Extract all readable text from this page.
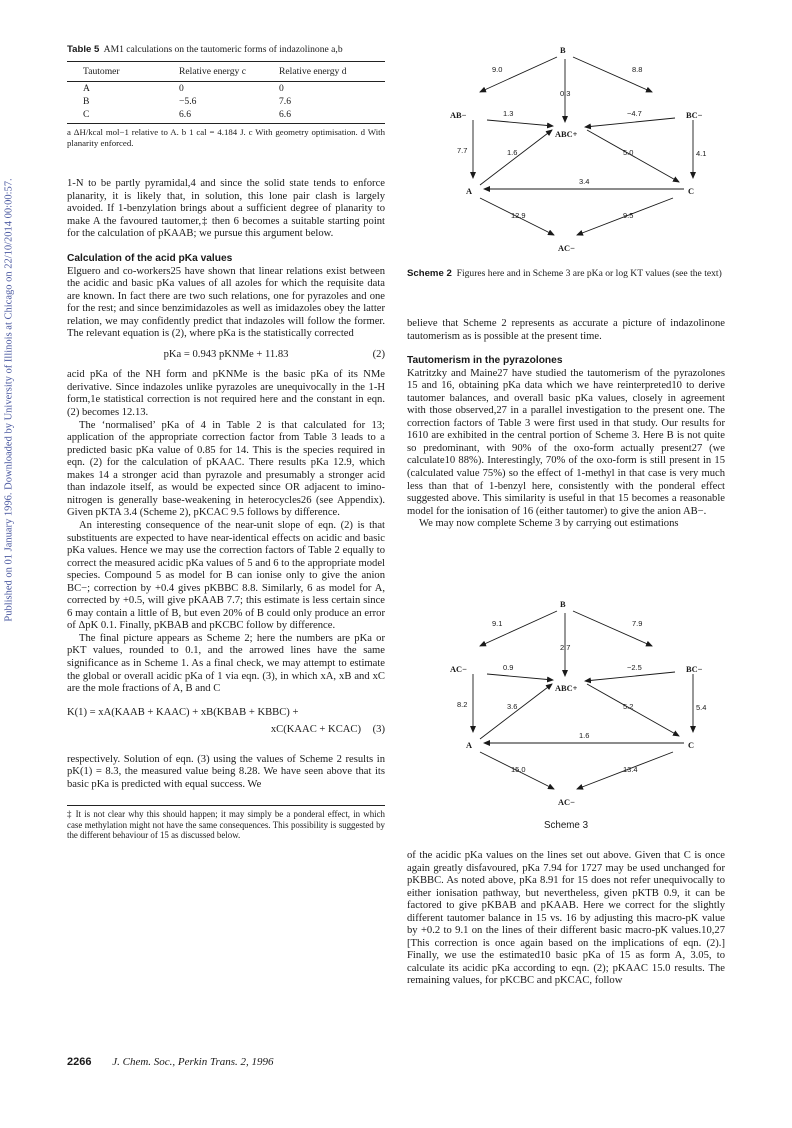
Published on 01 January 1996. Downloaded by University of Illinois at Chicago on 22/10/2014 00:00:57.
Table 5 AM1 calculations on the tautomeric forms of indazolinone a,b
Tautomer	Relative energy c	Relative energy d
A	0	0
B	−5.6	7.6
C	6.6	6.6
a ΔH/kcal mol−1 relative to A. b 1 cal = 4.184 J. c With geometry optimisation. d With planarity enforced.

1-N to be partly pyramidal,4 and since the solid state tends to enforce planarity, it is likely that, in solution, this lone pair clash is largely avoided. If 1-benzylation brings about a sufficient degree of planarity to make A the favoured tautomer,‡ then 6 becomes a suitable starting point for the calculation of pKAAB; we pursue this argument below.

Calculation of the acid pKa values

Elguero and co-workers25 have shown that linear relations exist between the acidic and basic pKa values of all azoles for which the requisite data are known. In fact there are two such relations, one for pyrazoles and one for the rest; and since benzimidazoles as well as imidazoles obey the latter relation, we may confidently predict that indazoles will follow the former. The relevant equation is (2), where pKa is the statistically corrected

pKa = 0.943 pKNMe + 11.83	(2)

acid pKa of the NH form and pKNMe is the basic pKa of its NMe derivative. Since indazoles unlike pyrazoles are unequivocally in the 1-H form,1e statistical correction is not required here and the constant in eqn. (2) becomes 12.13.

The ‘normalised’ pKa of 4 in Table 2 is that calculated for 13; application of the appropriate correction factor from Table 3 leads to a predicted basic pKa value of 0.85 for 14. This is the species required in eqn. (2) for the calculation of pKAAC. There results pKa 12.9, which makes 14 a stronger acid than pyrazole and presumably a stronger acid than indazole itself, as would be expected since OR adjacent to imino-nitrogen is generally base-weakening in heterocycles26 (see Appendix). Given pKTA 3.4 (Scheme 2), pKCAC 9.5 follows by difference.

An interesting consequence of the near-unit slope of eqn. (2) is that substituents are expected to have near-identical effects on acidic and basic pKa values. Hence we may use the correction factors of Table 2 equally to correct the measured acidic pKa values of 5 and 6 to the appropriate model species. Compound 5 as model for B can ionise only to give the anion BC−; correction by +0.4 gives pKBBC 8.8. Similarly, 6 as model for A, corrected by +0.5, will give pKAAB 7.7; this estimate is less certain since 6 may contain a little of B, but even 20% of B could only produce an error of ΔpK 0.1. Finally, pKBAB and pKCBC follow by difference.

The final picture appears as Scheme 2; here the numbers are pKa or pKT values, rounded to 0.1, and the arrowed lines have the same significance as in Scheme 1. As a final check, we may attempt to estimate the global or overall acidic pKa of 1 via eqn. (3), in which xA, xB and xC are the mole fractions of A, B and C

K(1) = xA(KAAB + KAAC) + xB(KBAB + KBBC) +
xC(KAAC + KCAC) (3)

respectively. Solution of eqn. (3) using the values of Scheme 2 results in pK(1) = 8.3, the measured value being 8.28. We have seen above that its basic pKa is predicted with equal success. We

‡ It is not clear why this should happen; it may simply be a ponderal effect, in which case methylation might not have the same consequences. This possibility is suggested by the different behaviour of 15 as discussed below.

B
AB−	BC−
ABC+
A	C
AC−
9.0	8.8
0.3
1.3	−4.7
7.7	4.1
1.6	5.0
3.4
12.9	9.5
Scheme 2 Figures here and in Scheme 3 are pKa or log KT values (see the text)

believe that Scheme 2 represents as accurate a picture of indazolinone tautomerism as is possible at the present time.

Tautomerism in the pyrazolones

Katritzky and Maine27 have studied the tautomerism of the pyrazolones 15 and 16, obtaining pKa data which we have reinterpreted10 to derive tautomer balances, and overall basic pKa values, closely in agreement with those observed,27 in a parallel investigation to the present one. The correction factors of Table 3 were first used in that study. Our results for 1610 are exhibited in the central portion of Scheme 3. Here B is not quite so predominant, with 90% of the oxo-form actually present27 (we calculate10 88%). Interestingly, 70% of the oxo-form is still present in 15 (calculated value 75%) so the effect of 1-methyl in that case is very much less than that of 1-benzyl here, consistently with the ponderal effect suggested above. This similarity is useful in that 15 becomes a reasonable model for the ionisation of 16 (either tautomer) to give the anion AB−.

We may now complete Scheme 3 by carrying out estimations

B
AC−	BC−
ABC+
A	C
AC−
9.1	7.9
2.7
0.9	−2.5
8.2	5.4
3.6	5.2
1.6
15.0	13.4
Scheme 3

of the acidic pKa values on the lines set out above. Given that C is once again greatly disfavoured, pKa 7.94 for 1727 may be used unchanged for pKBBC. As noted above, pKa 8.91 for 15 does not refer unequivocally to either ionisation pathway, but nevertheless, given pKTB 0.9, it can be factored to give pKBAB and pKAAB. Here we correct for the slightly different tautomer balance in 15 vs. 16 by adjusting this macro-pK value by +0.2 to 9.1 on the lines of their different basic macro-pK values.10,27 [This correction is once again based on the implications of eqn. (2).] Finally, we use the estimated10 basic pKa of 15 as form A, 3.05, to calculate its acidic pKa according to eqn. (2); pKAAC 15.0 results. The remaining values, for pKCBC and pKCAC, follow

2266 J. Chem. Soc., Perkin Trans. 2, 1996
